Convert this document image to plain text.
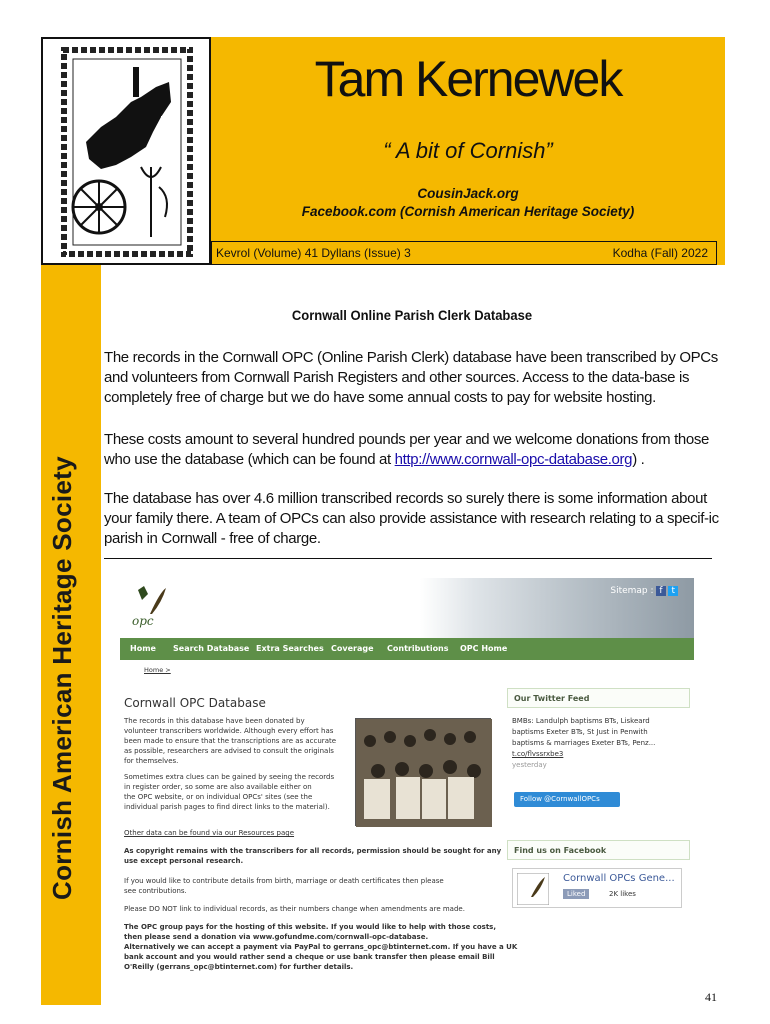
Tam Kernewek
“ A bit of Cornish”
CousinJack.org
Facebook.com (Cornish American Heritage Society)
Kevrol (Volume) 41 Dyllans (Issue) 3	Kodha (Fall) 2022
Cornish American Heritage Society
Cornwall Online Parish Clerk Database
The records in the Cornwall OPC (Online Parish Clerk) database have been transcribed by OPCs and volunteers from Cornwall Parish Registers and other sources. Access to the data-base is completely free of charge but we do have some annual costs to pay for website hosting.
These costs amount to several hundred pounds per year and we welcome donations from those who use the database (which can be found at http://www.cornwall-opc-database.org) .
The database has over 4.6 million transcribed records so surely there is some information about your family there. A team of OPCs can also provide assistance with research relating to a specif-ic parish in Cornwall - free of charge.
Sitemap : f t
opc
Home Search Database Extra Searches Coverage Contributions OPC Home
Home >
Cornwall OPC Database
The records in this database have been donated by
volunteer transcribers worldwide. Although every effort has
been made to ensure that the transcriptions are as accurate
as possible, researchers are advised to consult the originals
for themselves.
Sometimes extra clues can be gained by seeing the records
in register order, so some are also available either on
the OPC website, or on individual OPCs' sites (see the
individual parish pages to find direct links to the material).
Other data can be found via our Resources page
As copyright remains with the transcribers for all records, permission should be sought for any
use except personal research.
If you would like to contribute details from birth, marriage or death certificates then please
see contributions.
Please DO NOT link to individual records, as their numbers change when amendments are made.
The OPC group pays for the hosting of this website. If you would like to help with those costs,
then please send a donation via www.gofundme.com/cornwall-opc-database.
Alternatively we can accept a payment via PayPal to gerrans_opc@btinternet.com. If you have a UK
bank account and you would rather send a cheque or use bank transfer then please email Bill
O'Reilly (gerrans_opc@btinternet.com) for further details.
Our Twitter Feed
BMBs: Landulph baptisms BTs, Liskeard
baptisms Exeter BTs, St Just in Penwith
baptisms & marriages Exeter BTs, Penz...
t.co/flvssrxbe3
yesterday
Follow @CornwallOPCs
Find us on Facebook
Cornwall OPCs Gene...
Liked	2K likes
41
